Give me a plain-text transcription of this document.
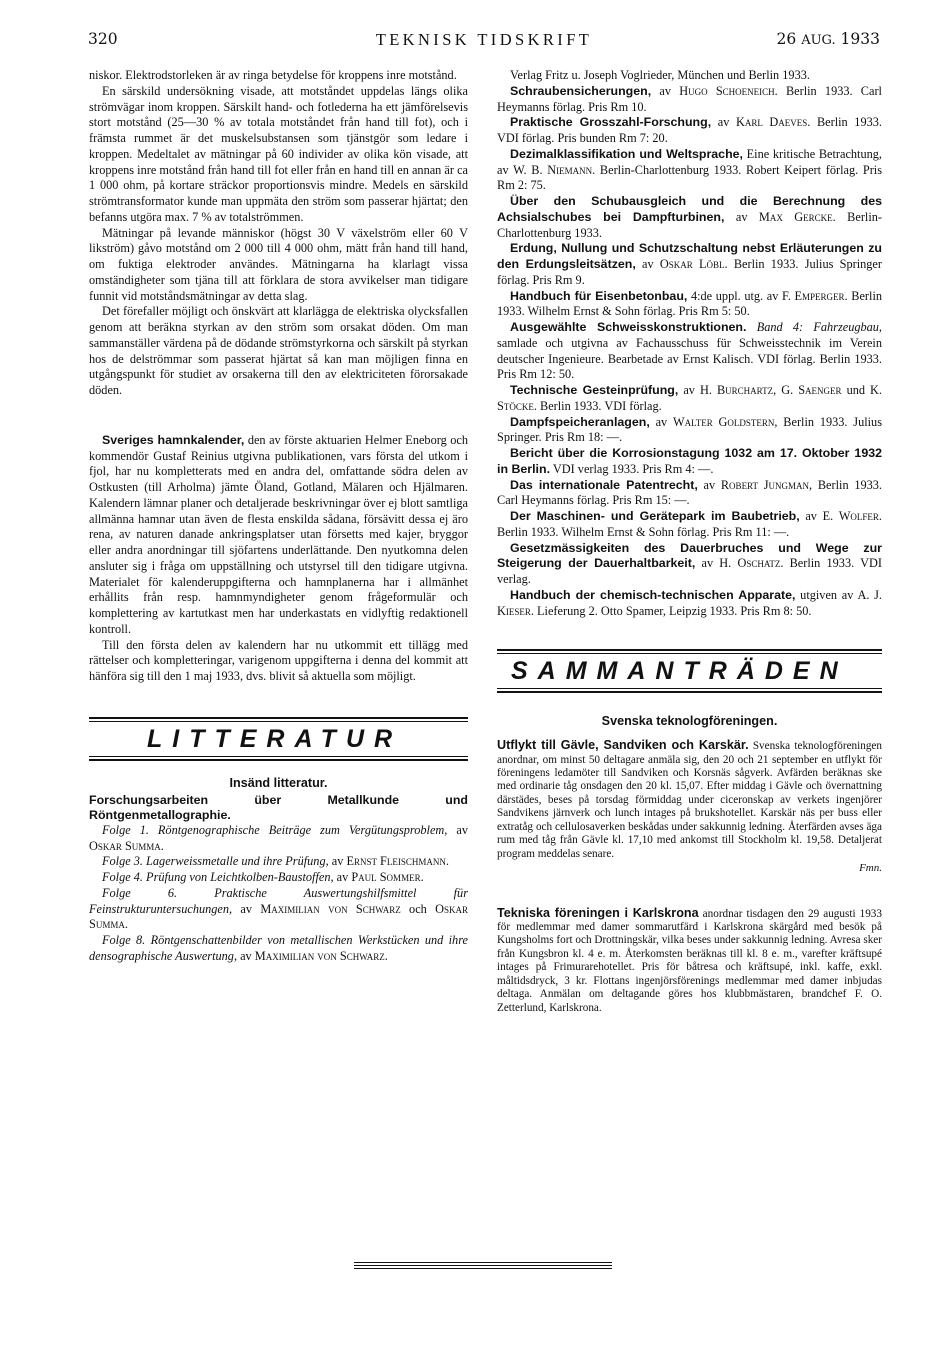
320	TEKNISK TIDSKRIFT	26 AUG. 1933

niskor. Elektrodstorleken är av ringa betydelse för kroppens inre motstånd.

En särskild undersökning visade, att motståndet uppdelas längs olika strömvägar inom kroppen. Särskilt hand- och fotlederna ha ett jämförelsevis stort motstånd (25—30 % av totala motståndet från hand till fot), och i främsta rummet är det muskelsubstansen som tjänstgör som ledare i kroppen. Medeltalet av mätningar på 60 individer av olika kön visade, att kroppens inre motstånd från hand till fot eller från en hand till en annan är ca 1 000 ohm, på kortare sträckor proportionsvis mindre. Medels en särskild strömtransformator kunde man uppmäta den ström som passerar hjärtat; den befanns utgöra max. 7 % av totalströmmen.

Mätningar på levande människor (högst 30 V växelström eller 60 V likström) gåvo motstånd om 2 000 till 4 000 ohm, mätt från hand till hand, om fuktiga elektroder användes. Mätningarna ha klarlagt vissa omständigheter som tjäna till att förklara de stora avvikelser man tidigare funnit vid motståndsmätningar av detta slag.

Det förefaller möjligt och önskvärt att klarlägga de elektriska olycksfallen genom att beräkna styrkan av den ström som orsakat döden. Om man sammanställer värdena på de dödande strömstyrkorna och särskilt på styrkan hos de delströmmar som passerat hjärtat så kan man möjligen finna en utgångspunkt för studiet av orsakerna till den av elektriciteten förorsakade döden.

Sveriges hamnkalender, den av förste aktuarien Helmer Eneborg och kommendör Gustaf Reinius utgivna publikationen, vars första del utkom i fjol, har nu kompletterats med en andra del, omfattande södra delen av Ostkusten (till Arholma) jämte Öland, Gotland, Mälaren och Hjälmaren. Kalendern lämnar planer och detaljerade beskrivningar över ej blott samtliga allmänna hamnar utan även de flesta enskilda sådana, försävitt dessa ej äro rena, av naturen danade ankringsplatser utan försetts med kajer, bryggor eller andra anordningar till sjöfartens underlättande. Den nyutkomna delen ansluter sig i fråga om uppställning och utstyrsel till den tidigare utgivna. Materialet för kalenderuppgifterna och hamnplanerna har i allmänhet erhållits från resp. hamnmyndigheter genom frågeformulär och komplettering av kartutkast men har underkastats en vidlyftig redaktionell kontroll.

Till den första delen av kalendern har nu utkommit ett tillägg med rättelser och kompletteringar, varigenom uppgifterna i denna del kommit att hänföra sig till den 1 maj 1933, dvs. blivit så aktuella som möjligt.

LITTERATUR
Insänd litteratur.

Forschungsarbeiten über Metallkunde und Röntgenmetallographie.

Folge 1. Röntgenographische Beiträge zum Vergütungsproblem, av Oskar Summa.

Folge 3. Lagerweissmetalle und ihre Prüfung, av Ernst Fleischmann.

Folge 4. Prüfung von Leichtkolben-Baustoffen, av Paul Sommer.

Folge 6. Praktische Auswertungshilfsmittel für Feinstrukturuntersuchungen, av Maximilian von Schwarz och Oskar Summa.

Folge 8. Röntgenschattenbilder von metallischen Werkstücken und ihre densographische Auswertung, av Maximilian von Schwarz.

Verlag Fritz u. Joseph Voglrieder, München und Berlin 1933.

Schraubensicherungen, av Hugo Schoeneich. Berlin 1933. Carl Heymanns förlag. Pris Rm 10.

Praktische Grosszahl-Forschung, av Karl Daeves. Berlin 1933. VDI förlag. Pris bunden Rm 7: 20.

Dezimalklassifikation und Weltsprache, Eine kritische Betrachtung, av W. B. Niemann. Berlin-Charlottenburg 1933. Robert Keipert förlag. Pris Rm 2: 75.

Über den Schubausgleich und die Berechnung des Achsialschubes bei Dampfturbinen, av Max Gercke. Berlin-Charlottenburg 1933.

Erdung, Nullung und Schutzschaltung nebst Erläuterungen zu den Erdungsleitsätzen, av Oskar Löbl. Berlin 1933. Julius Springer förlag. Pris Rm 9.

Handbuch für Eisenbetonbau, 4:de uppl. utg. av F. Emperger. Berlin 1933. Wilhelm Ernst & Sohn förlag. Pris Rm 5: 50.

Ausgewählte Schweisskonstruktionen. Band 4: Fahrzeugbau, samlade och utgivna av Fachausschuss für Schweisstechnik im Verein deutscher Ingenieure. Bearbetade av Ernst Kalisch. VDI förlag. Berlin 1933. Pris Rm 12: 50.

Technische Gesteinprüfung, av H. Burchartz, G. Saenger und K. Stöcke. Berlin 1933. VDI förlag.

Dampfspeicheranlagen, av Walter Goldstern, Berlin 1933. Julius Springer. Pris Rm 18: —.

Bericht über die Korrosionstagung 1032 am 17. Oktober 1932 in Berlin. VDI verlag 1933. Pris Rm 4: —.

Das internationale Patentrecht, av Robert Jungman, Berlin 1933. Carl Heymanns förlag. Pris Rm 15: —.

Der Maschinen- und Gerätepark im Baubetrieb, av E. Wolfer. Berlin 1933. Wilhelm Ernst & Sohn förlag. Pris Rm 11: —.

Gesetzmässigkeiten des Dauerbruches und Wege zur Steigerung der Dauerhaltbarkeit, av H. Oschatz. Berlin 1933. VDI verlag.

Handbuch der chemisch-technischen Apparate, utgiven av A. J. Kieser. Lieferung 2. Otto Spamer, Leipzig 1933. Pris Rm 8: 50.

SAMMANTRÄDEN
Svenska teknologföreningen.

Utflykt till Gävle, Sandviken och Karskär. Svenska teknologföreningen anordnar, om minst 50 deltagare anmäla sig, den 20 och 21 september en utflykt för föreningens ledamöter till Sandviken och Korsnäs sågverk. Avfärden beräknas ske med ordinarie tåg onsdagen den 20 kl. 15,07. Efter middag i Gävle och övernattning därstädes, beses på torsdag förmiddag under ciceronskap av verkets ingenjörer Sandvikens järnverk och lunch intages på brukshotellet. Karskär näs per buss eller extratåg och cellulosaverken beskådas under sakkunnig ledning. Återfärden avses äga rum med tåg från Gävle kl. 17,10 med ankomst till Stockholm kl. 19,58. Detaljerat program meddelas senare.

Fmn.

Tekniska föreningen i Karlskrona anordnar tisdagen den 29 augusti 1933 för medlemmar med damer sommarutfärd i Karlskrona skärgård med besök på Kungsholms fort och Drottningskär, vilka beses under sakkunnig ledning. Avresa sker från Kungsbron kl. 4 e. m. Återkomsten beräknas till kl. 8 e. m., varefter kräftsupé intages på Frimurarehotellet. Pris för båtresa och kräftsupé, inkl. kaffe, exkl. måltidsdryck, 3 kr. Flottans ingenjörsförenings medlemmar med damer inbjudas deltaga. Anmälan om deltagande göres hos klubbmästaren, brandchef F. O. Zetterlund, Karlskrona.
